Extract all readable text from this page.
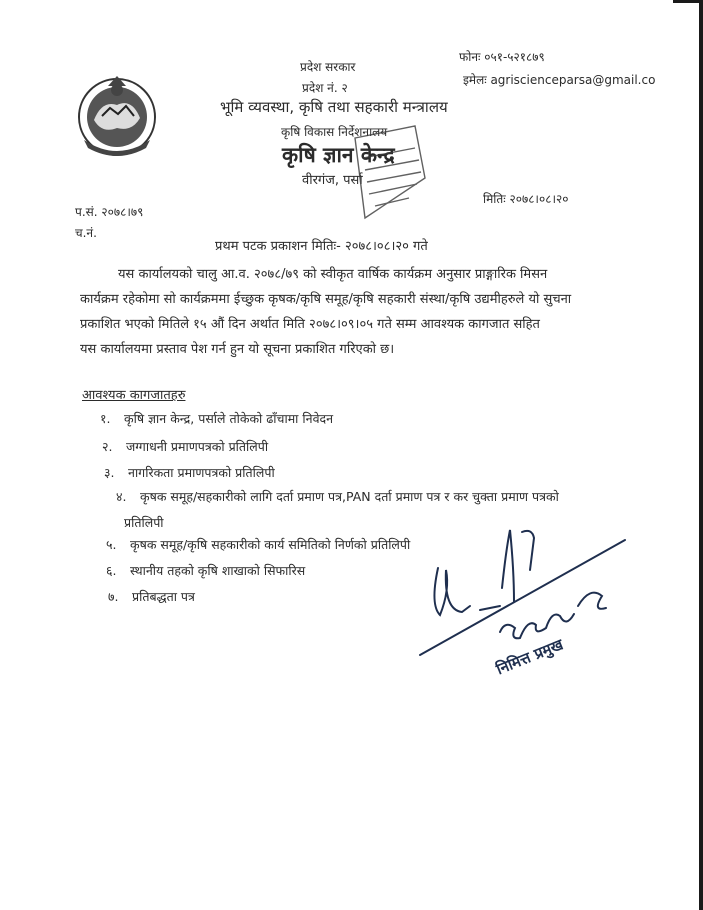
प्रदेश सरकार
प्रदेश नं. २
भूमि व्यवस्था, कृषि तथा सहकारी मन्त्रालय
कृषि विकास निर्देशनालय
कृषि ज्ञान केन्द्र
वीरगंज, पर्सा
फोनः ०५१-५२१८७९
इमेलः agriscienceparsa@gmail.co
मितिः २०७८।०८।२०
प.सं. २०७८।७९
च.नं.
प्रथम पटक प्रकाशन मितिः- २०७८।०८।२० गते
यस कार्यालयको चालु आ.व. २०७८/७९ को स्वीकृत वार्षिक कार्यक्रम अनुसार प्राङ्गारिक मिसन
कार्यक्रम रहेकोमा सो कार्यक्रममा ईच्छुक कृषक/कृषि समूह/कृषि सहकारी संस्था/कृषि उद्यमीहरुले यो सुचना
प्रकाशित भएको मितिले १५ औं दिन अर्थात मिति २०७८।०९।०५ गते सम्म आवश्यक कागजात सहित
यस कार्यालयमा प्रस्ताव पेश गर्न हुन यो सूचना प्रकाशित गरिएको छ।
आवश्यक कागजातहरु
१. कृषि ज्ञान केन्द्र, पर्साले तोकेको ढाँचामा निवेदन
२. जग्गाधनी प्रमाणपत्रको प्रतिलिपी
३. नागरिकता प्रमाणपत्रको प्रतिलिपी
४. कृषक समूह/सहकारीको लागि दर्ता प्रमाण पत्र,PAN दर्ता प्रमाण पत्र र कर चुक्ता प्रमाण पत्रको
प्रतिलिपी
५. कृषक समूह/कृषि सहकारीको कार्य समितिको निर्णको प्रतिलिपी
६. स्थानीय तहको कृषि शाखाको सिफारिस
७. प्रतिबद्धता पत्र
निमित्त प्रमुख
